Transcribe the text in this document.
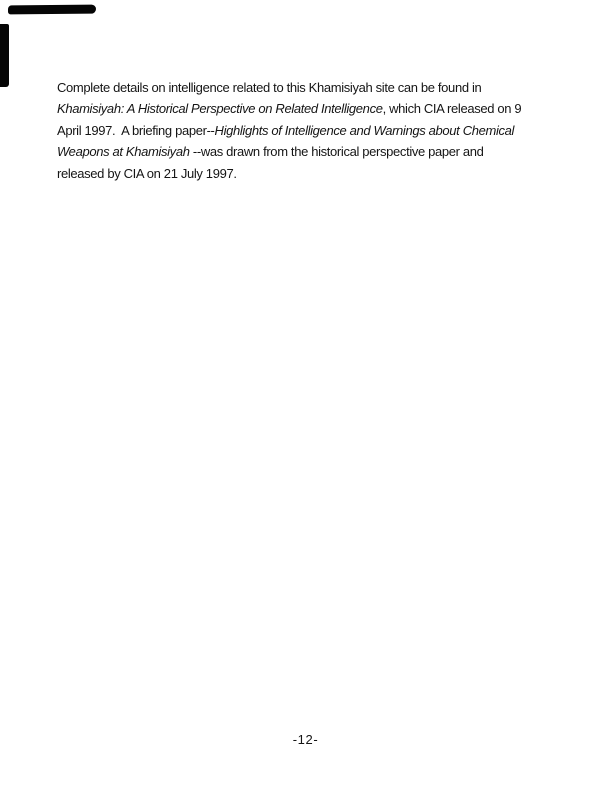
Complete details on intelligence related to this Khamisiyah site can be found in
Khamisiyah: A Historical Perspective on Related Intelligence, which CIA released on 9
April 1997.  A briefing paper--Highlights of Intelligence and Warnings about Chemical
Weapons at Khamisiyah --was drawn from the historical perspective paper and
released by CIA on 21 July 1997.
-12-
